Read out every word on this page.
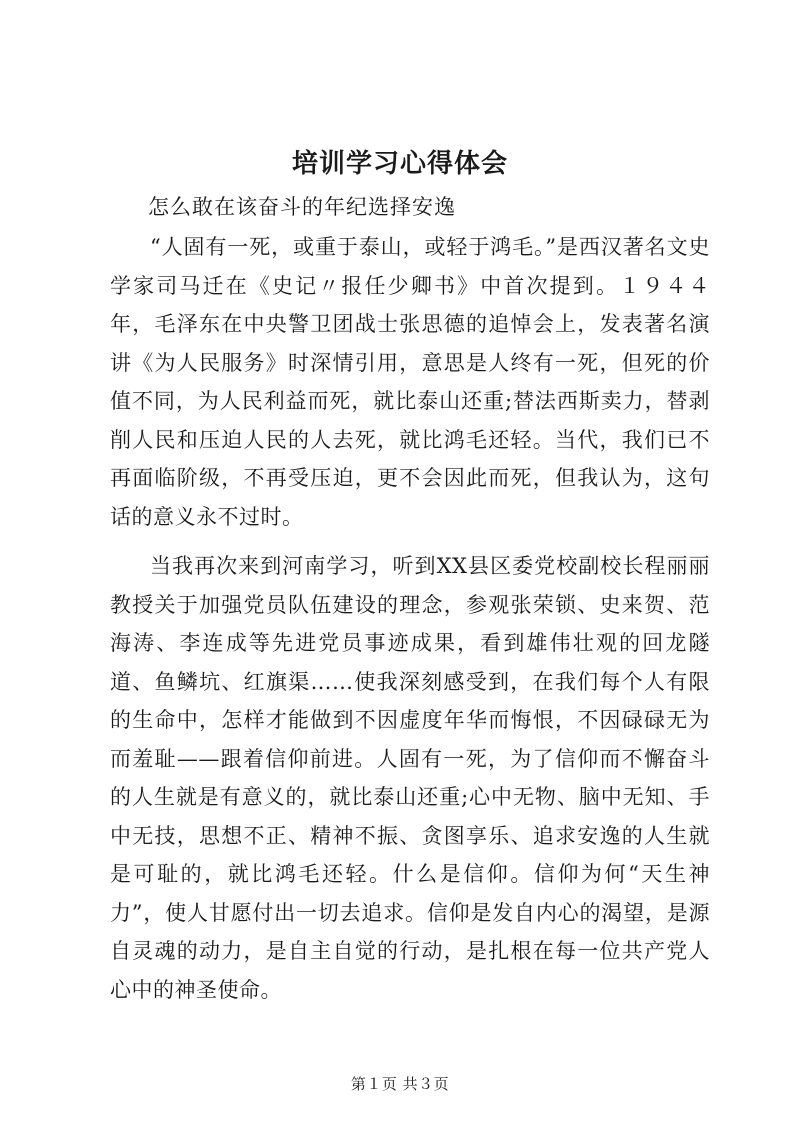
培训学习心得体会
怎么敢在该奋斗的年纪选择安逸

“人固有一死，或重于泰山，或轻于鸿毛。”是西汉著名文史学家司马迁在《史记〃报任少卿书》中首次提到。１９４４年，毛泽东在中央警卫团战士张思德的追悼会上，发表著名演讲《为人民服务》时深情引用，意思是人终有一死，但死的价值不同，为人民利益而死，就比泰山还重;替法西斯卖力，替剥削人民和压迫人民的人去死，就比鸿毛还轻。当代，我们已不再面临阶级，不再受压迫，更不会因此而死，但我认为，这句话的意义永不过时。

当我再次来到河南学习，听到XX县区委党校副校长程丽丽教授关于加强党员队伍建设的理念，参观张荣锁、史来贺、范海涛、李连成等先进党员事迹成果，看到雄伟壮观的回龙隧道、鱼鳞坑、红旗渠……使我深刻感受到，在我们每个人有限的生命中，怎样才能做到不因虚度年华而悔恨，不因碌碌无为而羞耻——跟着信仰前进。人固有一死，为了信仰而不懈奋斗的人生就是有意义的，就比泰山还重;心中无物、脑中无知、手中无技，思想不正、精神不振、贪图享乐、追求安逸的人生就是可耻的，就比鸿毛还轻。什么是信仰。信仰为何“天生神力”，使人甘愿付出一切去追求。信仰是发自内心的渴望，是源自灵魂的动力，是自主自觉的行动，是扎根在每一位共产党人心中的神圣使命。

第１页 共３页
